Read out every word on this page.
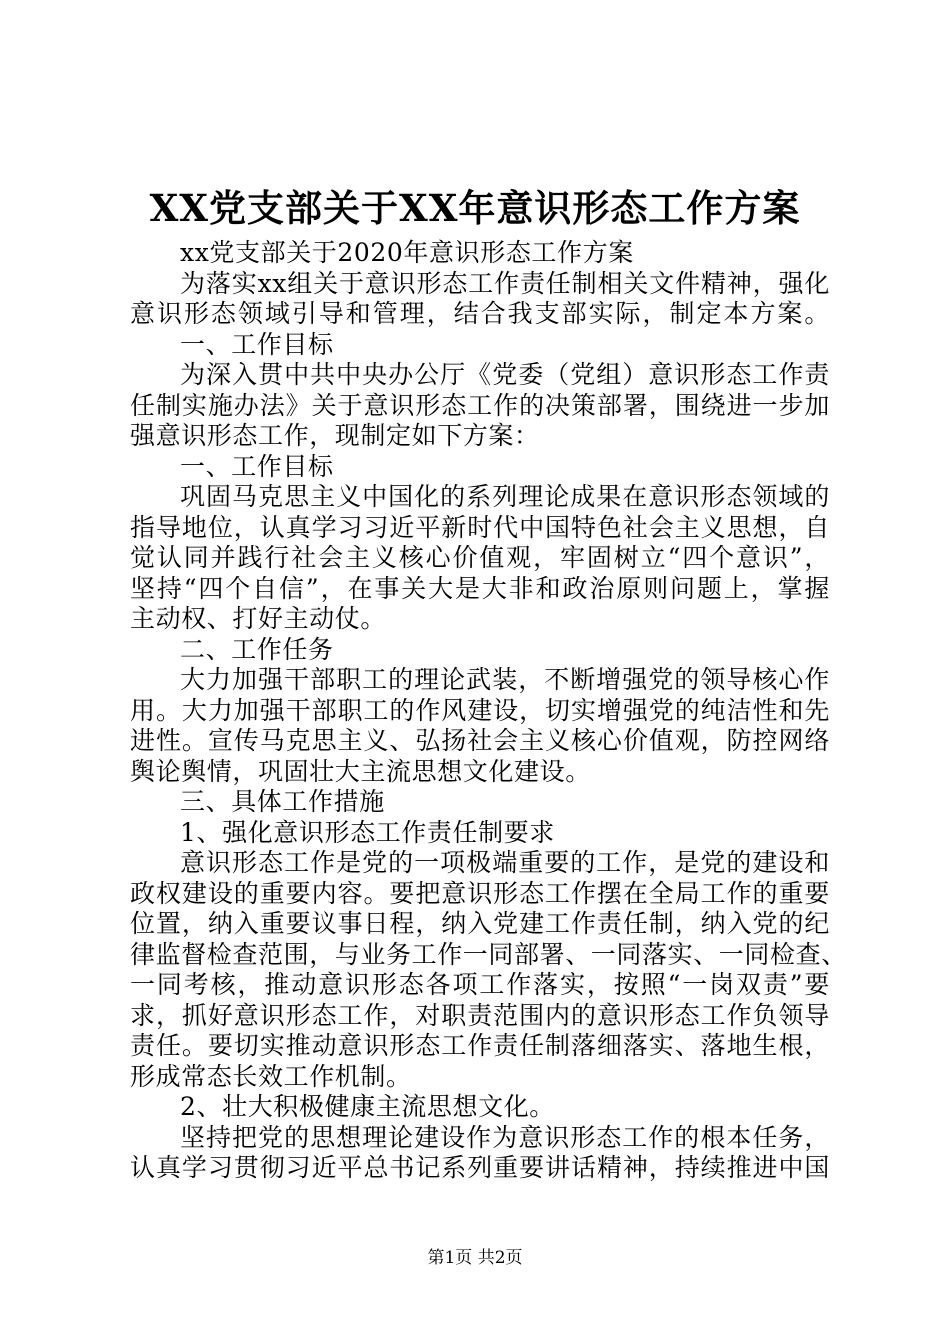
XX党支部关于XX年意识形态工作方案
xx党支部关于2020年意识形态工作方案
为落实xx组关于意识形态工作责任制相关文件精神，强化
意识形态领域引导和管理，结合我支部实际，制定本方案。
一、工作目标
为深入贯中共中央办公厅《党委（党组）意识形态工作责
任制实施办法》关于意识形态工作的决策部署，围绕进一步加
强意识形态工作，现制定如下方案：
一、工作目标
巩固马克思主义中国化的系列理论成果在意识形态领域的
指导地位，认真学习习近平新时代中国特色社会主义思想，自
觉认同并践行社会主义核心价值观，牢固树立“四个意识”，
坚持“四个自信”，在事关大是大非和政治原则问题上，掌握
主动权、打好主动仗。
二、工作任务
大力加强干部职工的理论武装，不断增强党的领导核心作
用。大力加强干部职工的作风建设，切实增强党的纯洁性和先
进性。宣传马克思主义、弘扬社会主义核心价值观，防控网络
舆论舆情，巩固壮大主流思想文化建设。
三、具体工作措施
1、强化意识形态工作责任制要求
意识形态工作是党的一项极端重要的工作，是党的建设和
政权建设的重要内容。要把意识形态工作摆在全局工作的重要
位置，纳入重要议事日程，纳入党建工作责任制，纳入党的纪
律监督检查范围，与业务工作一同部署、一同落实、一同检查、
一同考核，推动意识形态各项工作落实，按照“一岗双责”要
求，抓好意识形态工作，对职责范围内的意识形态工作负领导
责任。要切实推动意识形态工作责任制落细落实、落地生根，
形成常态长效工作机制。
2、壮大积极健康主流思想文化。
坚持把党的思想理论建设作为意识形态工作的根本任务，
认真学习贯彻习近平总书记系列重要讲话精神，持续推进中国
第1页 共2页
